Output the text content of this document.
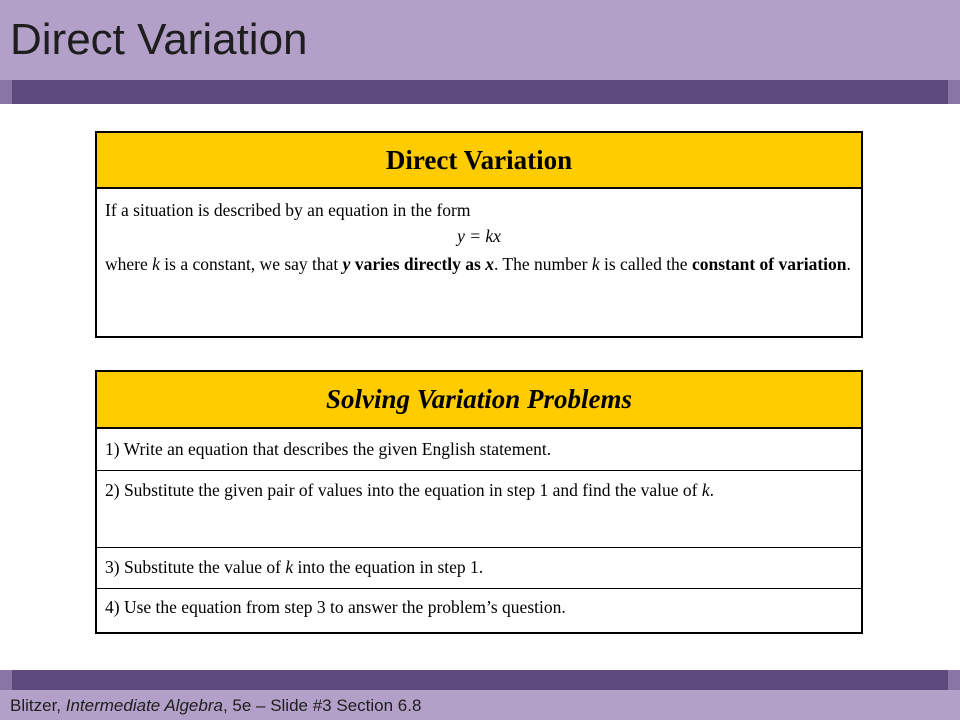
Direct Variation
Direct Variation

If a situation is described by an equation in the form

y = kx

where k is a constant, we say that y varies directly as x. The number k is called the constant of variation.

Solving Variation Problems
1) Write an equation that describes the given English statement.
2) Substitute the given pair of values into the equation in step 1 and find the value of k.
3) Substitute the value of k into the equation in step 1.
4) Use the equation from step 3 to answer the problem’s question.
Blitzer, Intermediate Algebra, 5e – Slide #3 Section 6.8
